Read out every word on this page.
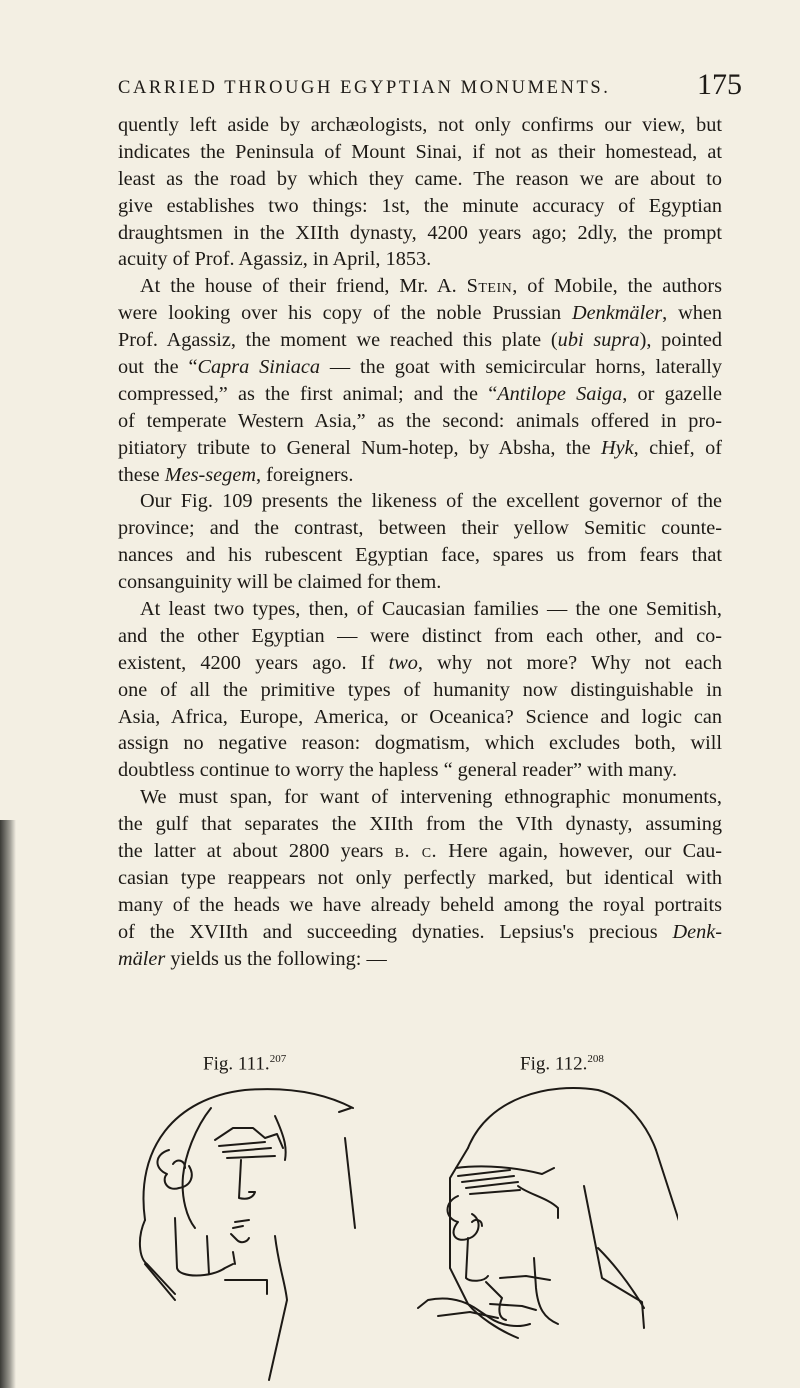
CARRIED THROUGH EGYPTIAN MONUMENTS.	175
quently left aside by archæologists, not only confirms our view, but
indicates the Peninsula of Mount Sinai, if not as their homestead, at
least as the road by which they came. The reason we are about to
give establishes two things: 1st, the minute accuracy of Egyptian
draughtsmen in the XIIth dynasty, 4200 years ago; 2dly, the prompt
acuity of Prof. Agassiz, in April, 1853.
At the house of their friend, Mr. A. Stein, of Mobile, the authors
were looking over his copy of the noble Prussian Denkmäler, when
Prof. Agassiz, the moment we reached this plate (ubi supra), pointed
out the “Capra Siniaca — the goat with semicircular horns, laterally
compressed,” as the first animal; and the “Antilope Saiga, or gazelle
of temperate Western Asia,” as the second: animals offered in pro-
pitiatory tribute to General Num-hotep, by Absha, the Hyk, chief, of
these Mes-segem, foreigners.
Our Fig. 109 presents the likeness of the excellent governor of the
province; and the contrast, between their yellow Semitic counte-
nances and his rubescent Egyptian face, spares us from fears that
consanguinity will be claimed for them.
At least two types, then, of Caucasian families — the one Semitish,
and the other Egyptian — were distinct from each other, and co-
existent, 4200 years ago. If two, why not more? Why not each
one of all the primitive types of humanity now distinguishable in
Asia, Africa, Europe, America, or Oceanica? Science and logic can
assign no negative reason: dogmatism, which excludes both, will
doubtless continue to worry the hapless “ general reader” with many.
We must span, for want of intervening ethnographic monuments,
the gulf that separates the XIIth from the VIth dynasty, assuming
the latter at about 2800 years b. c. Here again, however, our Cau-
casian type reappears not only perfectly marked, but identical with
many of the heads we have already beheld among the royal portraits
of the XVIIth and succeeding dynaties. Lepsius's precious Denk-
mäler yields us the following: —
Fig. 111.$^{207}$	Fig. 112.$^{208}$
